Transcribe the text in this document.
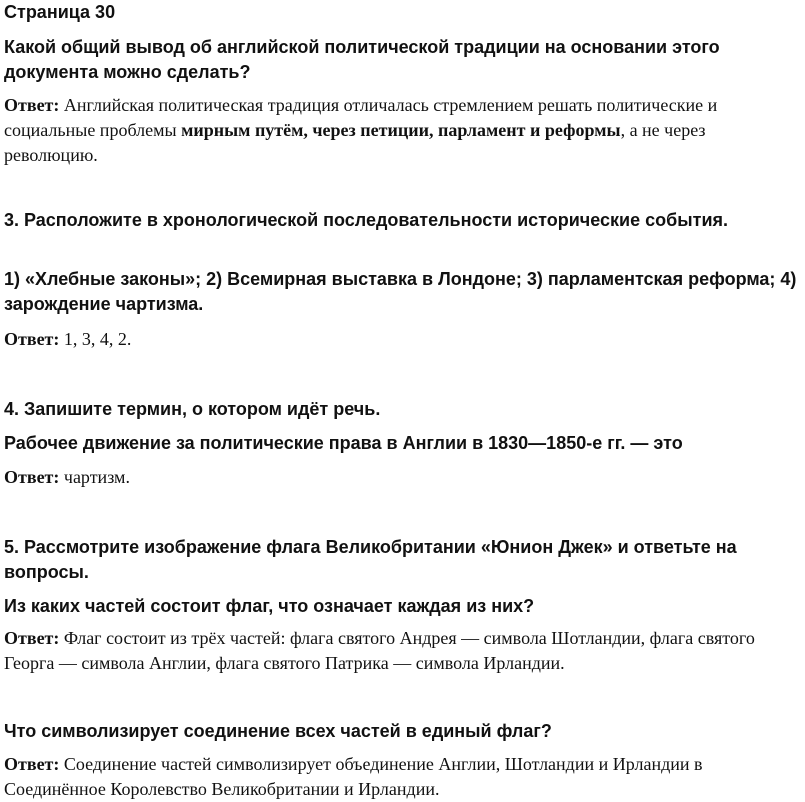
Страница 30

Какой общий вывод об английской политической традиции на основании этого документа можно сделать?

Ответ: Английская политическая традиция отличалась стремлением решать политические и социальные проблемы мирным путём, через петиции, парламент и реформы, а не через революцию.

3. Расположите в хронологической последовательности исторические события.

1) «Хлебные законы»; 2) Всемирная выставка в Лондоне; 3) парламентская реформа; 4) зарождение чартизма.

Ответ: 1, 3, 4, 2.

4. Запишите термин, о котором идёт речь.

Рабочее движение за политические права в Англии в 1830—1850-е гг. — это

Ответ: чартизм.

5. Рассмотрите изображение флага Великобритании «Юнион Джек» и ответьте на вопросы.

Из каких частей состоит флаг, что означает каждая из них?

Ответ: Флаг состоит из трёх частей: флага святого Андрея — символа Шотландии, флага святого Георга — символа Англии, флага святого Патрика — символа Ирландии.

Что символизирует соединение всех частей в единый флаг?

Ответ: Соединение частей символизирует объединение Англии, Шотландии и Ирландии в Соединённое Королевство Великобритании и Ирландии.
